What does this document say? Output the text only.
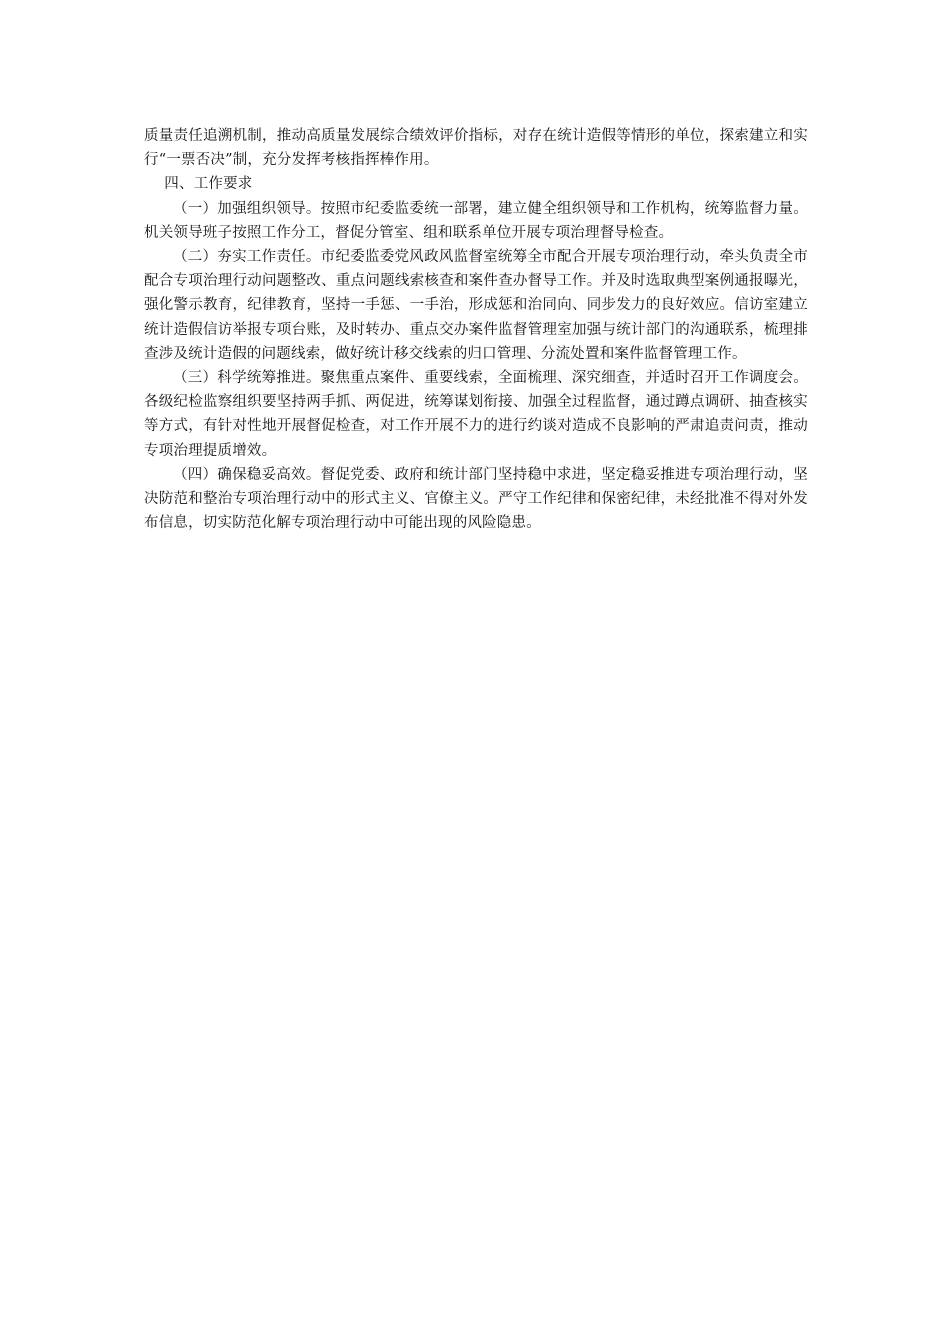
质量责任追溯机制，推动高质量发展综合绩效评价指标，对存在统计造假等情形的单位，探索建立和实行“一票否决”制，充分发挥考核指挥棒作用。

四、工作要求

（一）加强组织领导。按照市纪委监委统一部署，建立健全组织领导和工作机构，统筹监督力量。机关领导班子按照工作分工，督促分管室、组和联系单位开展专项治理督导检查。

（二）夯实工作责任。市纪委监委党风政风监督室统筹全市配合开展专项治理行动，牵头负责全市配合专项治理行动问题整改、重点问题线索核查和案件查办督导工作。并及时选取典型案例通报曝光，强化警示教育，纪律教育，坚持一手惩、一手治，形成惩和治同向、同步发力的良好效应。信访室建立统计造假信访举报专项台账，及时转办、重点交办案件监督管理室加强与统计部门的沟通联系，梳理排查涉及统计造假的问题线索，做好统计移交线索的归口管理、分流处置和案件监督管理工作。

（三）科学统筹推进。聚焦重点案件、重要线索，全面梳理、深究细查，并适时召开工作调度会。各级纪检监察组织要坚持两手抓、两促进，统筹谋划衔接、加强全过程监督，通过蹲点调研、抽查核实等方式，有针对性地开展督促检查，对工作开展不力的进行约谈对造成不良影响的严肃追责问责，推动专项治理提质增效。

（四）确保稳妥高效。督促党委、政府和统计部门坚持稳中求进，坚定稳妥推进专项治理行动，坚决防范和整治专项治理行动中的形式主义、官僚主义。严守工作纪律和保密纪律，未经批准不得对外发布信息，切实防范化解专项治理行动中可能出现的风险隐患。
